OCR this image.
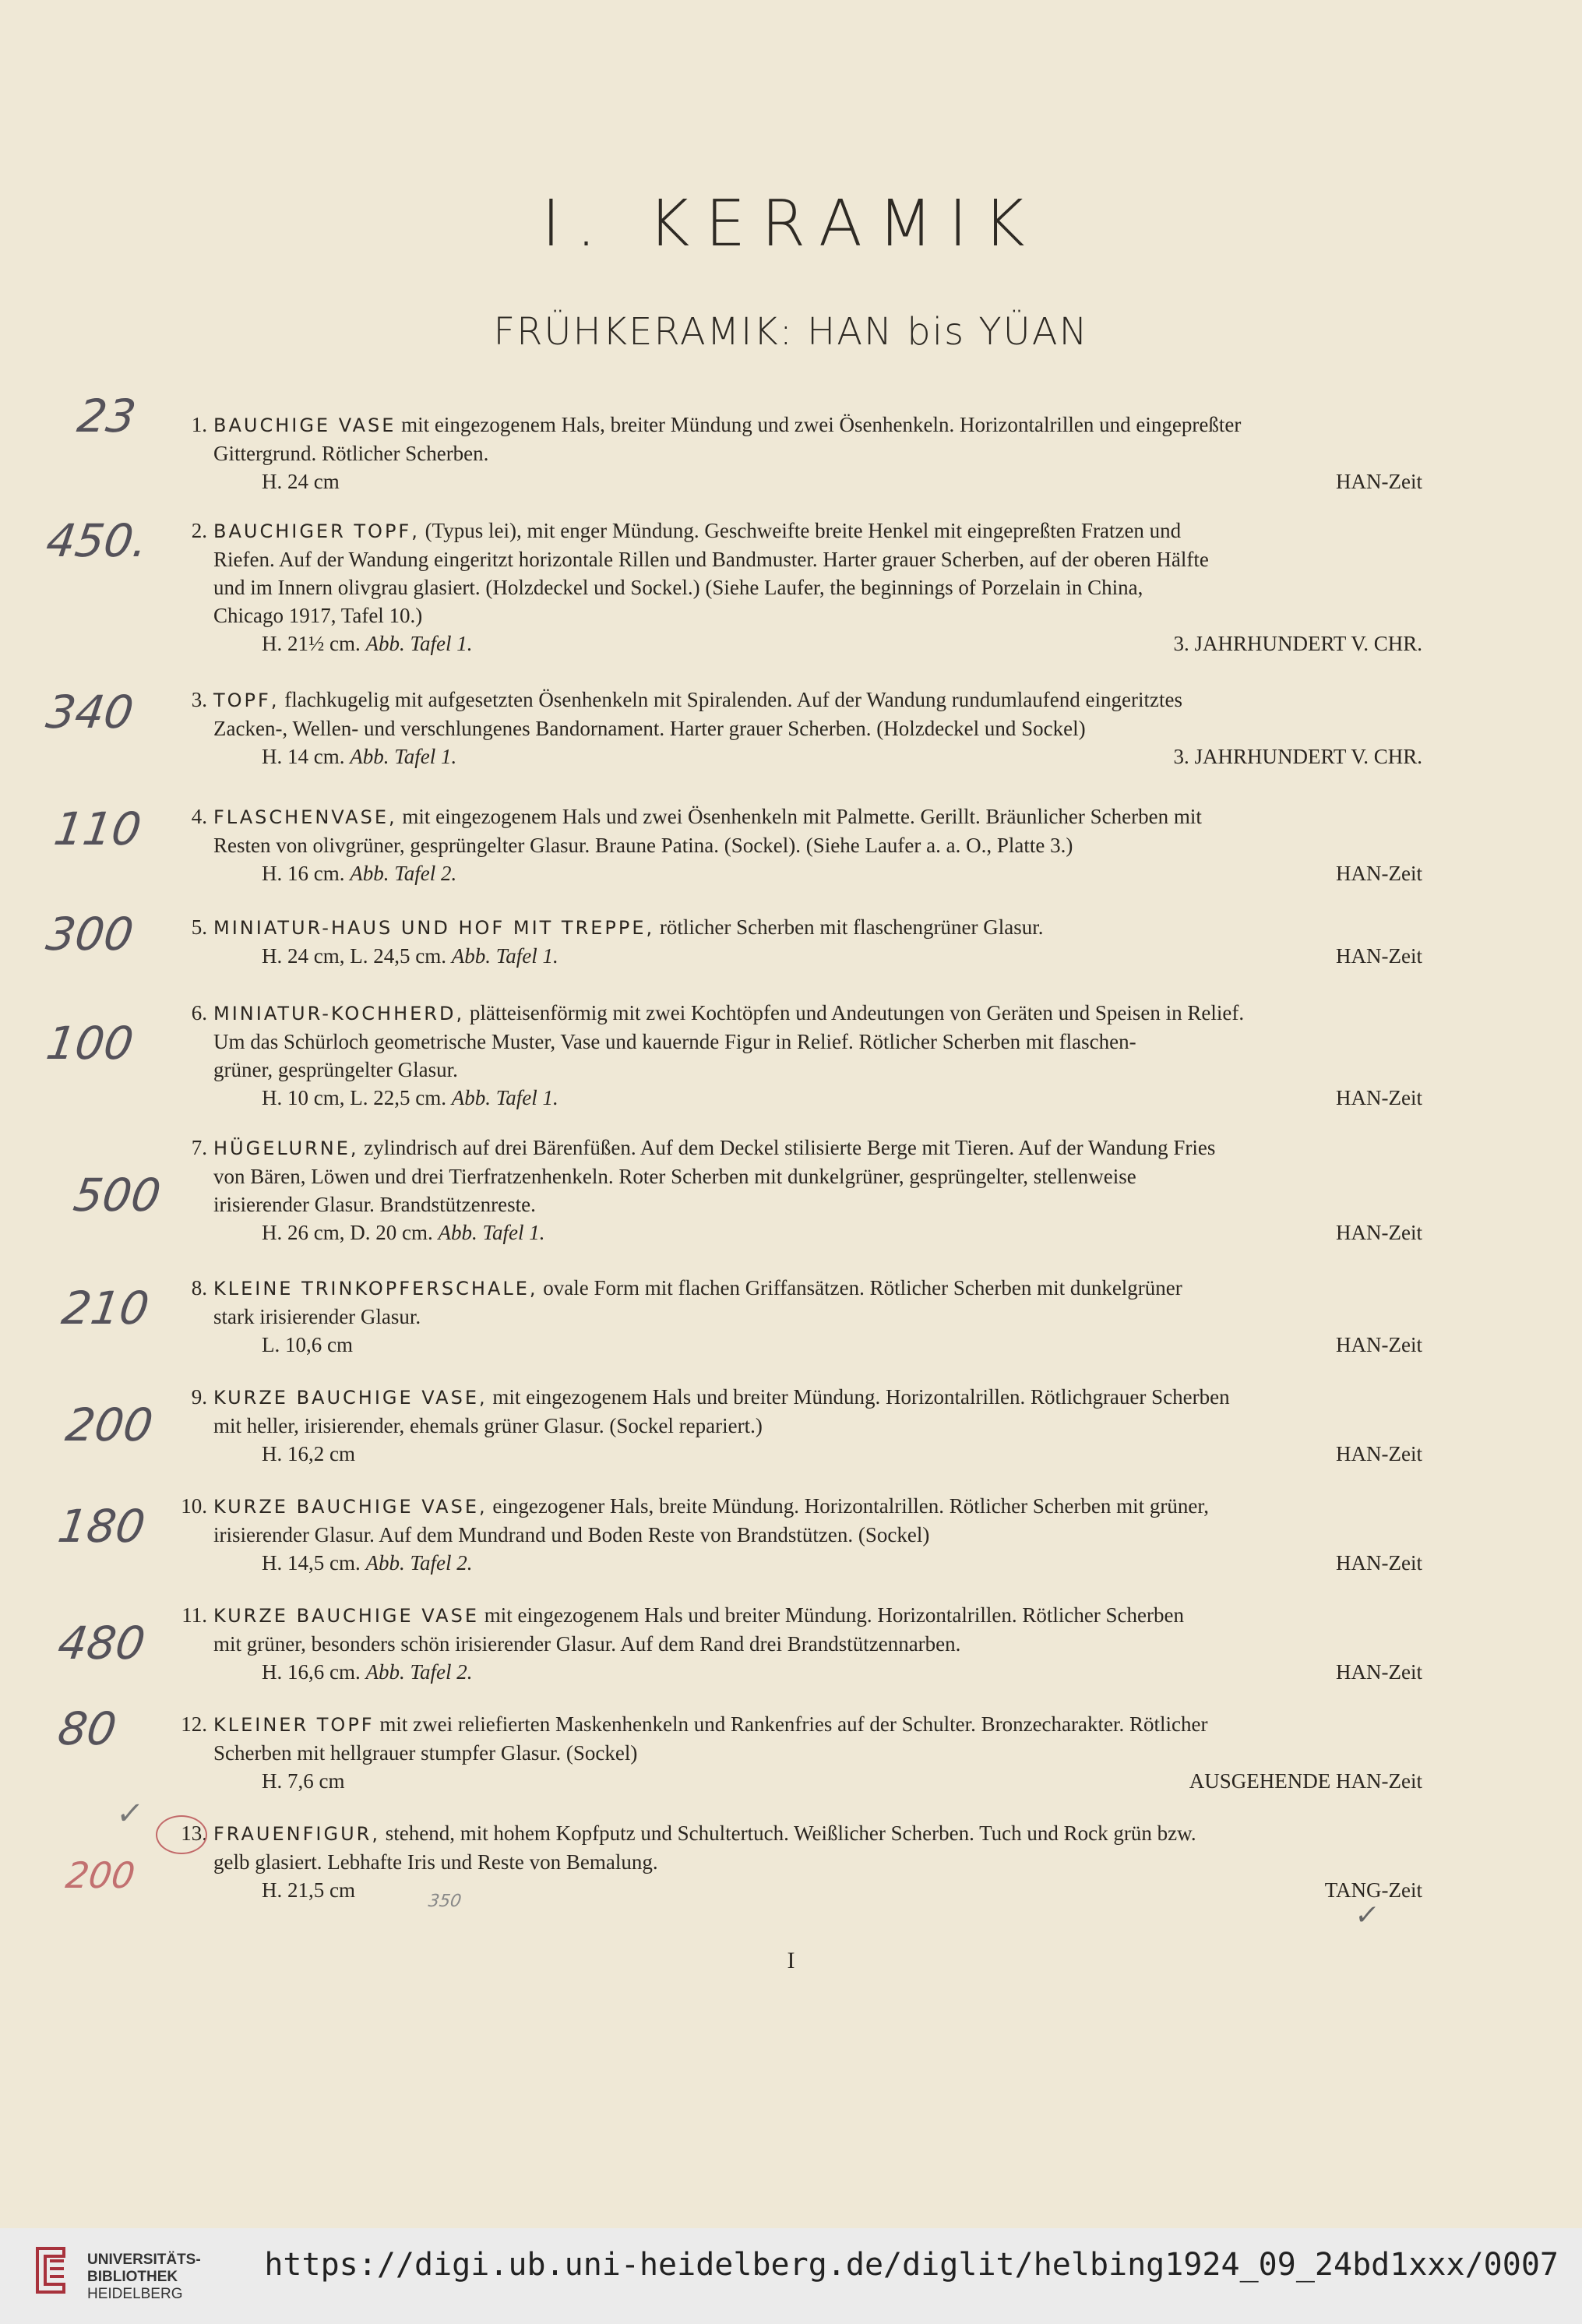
I. KERAMIK
FRÜHKERAMIK: HAN bis YÜAN
1. BAUCHIGE VASE mit eingezogenem Hals, breiter Mündung und zwei Ösenhenkeln. Horizontalrillen und eingepreßter
Gittergrund. Rötlicher Scherben.
H. 24 cm	HAN-Zeit
2. BAUCHIGER TOPF, (Typus lei), mit enger Mündung. Geschweifte breite Henkel mit eingepreßten Fratzen und
Riefen. Auf der Wandung eingeritzt horizontale Rillen und Bandmuster. Harter grauer Scherben, auf der oberen Hälfte
und im Innern olivgrau glasiert. (Holzdeckel und Sockel.) (Siehe Laufer, the beginnings of Porzelain in China,
Chicago 1917, Tafel 10.)
H. 21½ cm. Abb. Tafel 1.	3. JAHRHUNDERT V. CHR.
3. TOPF, flachkugelig mit aufgesetzten Ösenhenkeln mit Spiralenden. Auf der Wandung rundumlaufend eingeritztes
Zacken-, Wellen- und verschlungenes Bandornament. Harter grauer Scherben. (Holzdeckel und Sockel)
H. 14 cm. Abb. Tafel 1.	3. JAHRHUNDERT V. CHR.
4. FLASCHENVASE, mit eingezogenem Hals und zwei Ösenhenkeln mit Palmette. Gerillt. Bräunlicher Scherben mit
Resten von olivgrüner, gesprüngelter Glasur. Braune Patina. (Sockel). (Siehe Laufer a. a. O., Platte 3.)
H. 16 cm. Abb. Tafel 2.	HAN-Zeit
5. MINIATUR-HAUS UND HOF MIT TREPPE, rötlicher Scherben mit flaschengrüner Glasur.
H. 24 cm, L. 24,5 cm. Abb. Tafel 1.	HAN-Zeit
6. MINIATUR-KOCHHERD, plätteisenförmig mit zwei Kochtöpfen und Andeutungen von Geräten und Speisen in Relief.
Um das Schürloch geometrische Muster, Vase und kauernde Figur in Relief. Rötlicher Scherben mit flaschen-
grüner, gesprüngelter Glasur.
H. 10 cm, L. 22,5 cm. Abb. Tafel 1.	HAN-Zeit
7. HÜGELURNE, zylindrisch auf drei Bärenfüßen. Auf dem Deckel stilisierte Berge mit Tieren. Auf der Wandung Fries
von Bären, Löwen und drei Tierfratzenhenkeln. Roter Scherben mit dunkelgrüner, gesprüngelter, stellenweise
irisierender Glasur. Brandstützenreste.
H. 26 cm, D. 20 cm. Abb. Tafel 1.	HAN-Zeit
8. KLEINE TRINKOPFERSCHALE, ovale Form mit flachen Griffansätzen. Rötlicher Scherben mit dunkelgrüner
stark irisierender Glasur.
L. 10,6 cm	HAN-Zeit
9. KURZE BAUCHIGE VASE, mit eingezogenem Hals und breiter Mündung. Horizontalrillen. Rötlichgrauer Scherben
mit heller, irisierender, ehemals grüner Glasur. (Sockel repariert.)
H. 16,2 cm	HAN-Zeit
10. KURZE BAUCHIGE VASE, eingezogener Hals, breite Mündung. Horizontalrillen. Rötlicher Scherben mit grüner,
irisierender Glasur. Auf dem Mundrand und Boden Reste von Brandstützen. (Sockel)
H. 14,5 cm. Abb. Tafel 2.	HAN-Zeit
11. KURZE BAUCHIGE VASE mit eingezogenem Hals und breiter Mündung. Horizontalrillen. Rötlicher Scherben
mit grüner, besonders schön irisierender Glasur. Auf dem Rand drei Brandstützennarben.
H. 16,6 cm. Abb. Tafel 2.	HAN-Zeit
12. KLEINER TOPF mit zwei reliefierten Maskenhenkeln und Rankenfries auf der Schulter. Bronzecharakter. Rötlicher
Scherben mit hellgrauer stumpfer Glasur. (Sockel)
H. 7,6 cm	AUSGEHENDE HAN-Zeit
13. FRAUENFIGUR, stehend, mit hohem Kopfputz und Schultertuch. Weißlicher Scherben. Tuch und Rock grün bzw.
gelb glasiert. Lebhafte Iris und Reste von Bemalung.
H. 21,5 cm	TANG-Zeit
23
450.
340
110
300
100
500
210
200
180
480
80
200
✓
350	✓
I
UNIVERSITÄTS-
BIBLIOTHEK
HEIDELBERG
https://digi.ub.uni-heidelberg.de/diglit/helbing1924_09_24bd1xxx/0007
